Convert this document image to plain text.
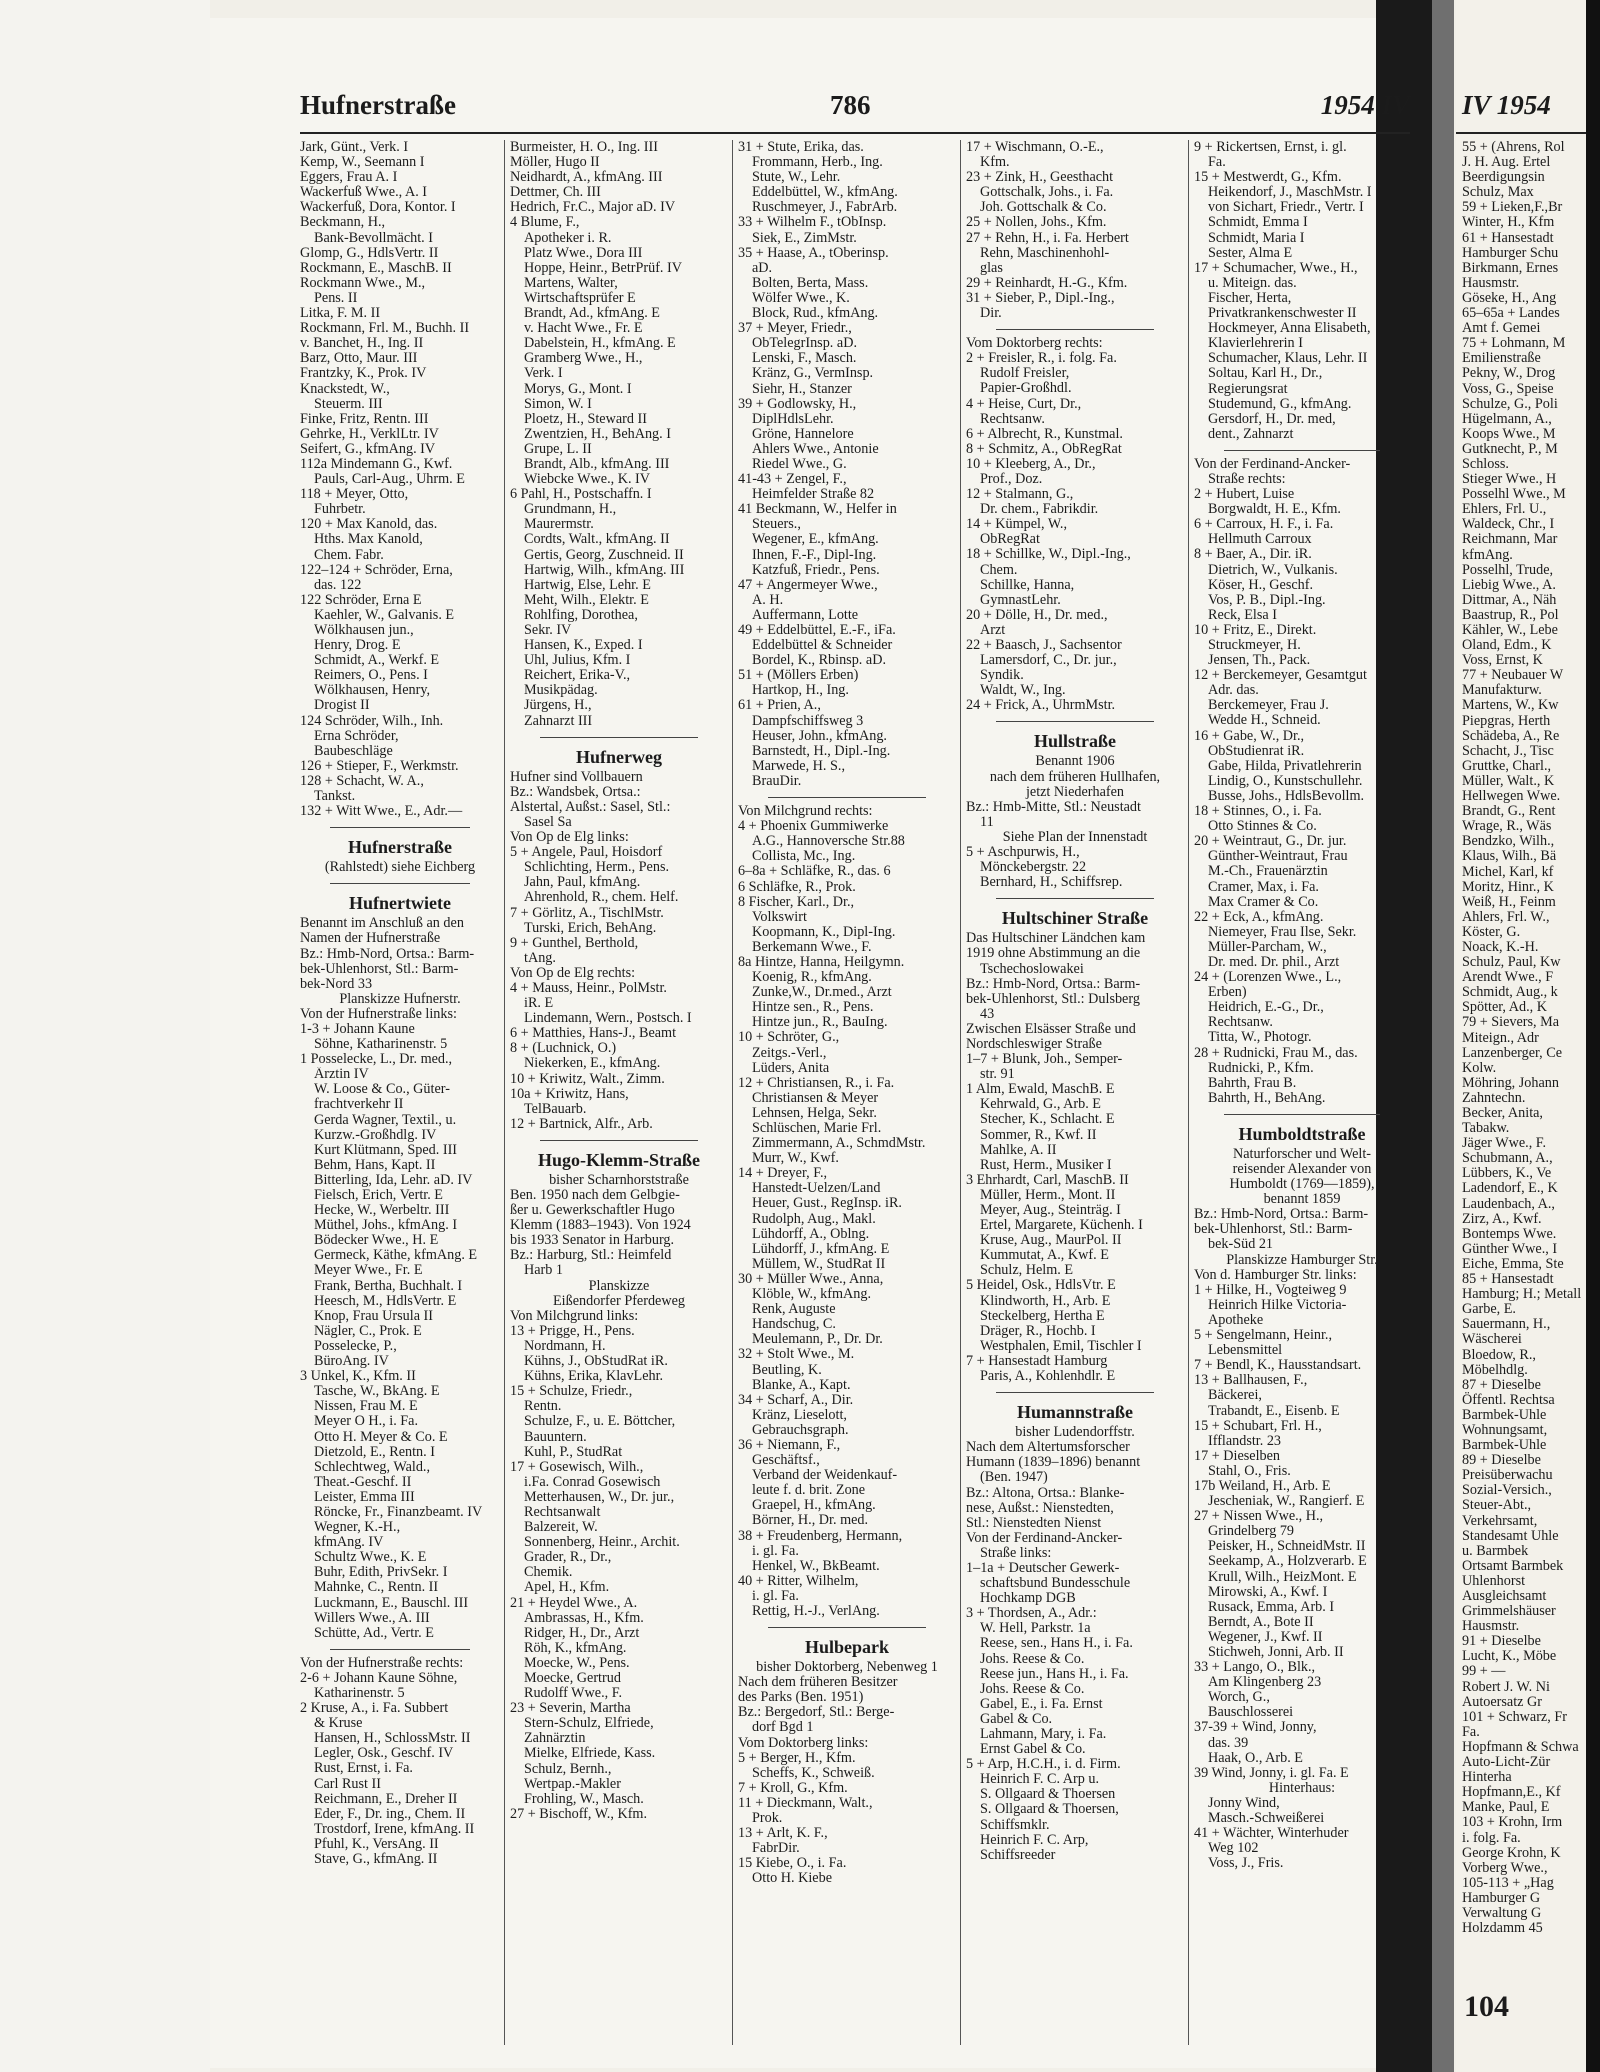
Hufnerstraße	786	1954 IV

Jark, Günt., Verk. I

Kemp, W., Seemann I

Eggers, Frau A. I

Wackerfuß Wwe., A. I

Wackerfuß, Dora, Kontor. I

Beckmann, H.,

Bank-Bevollmächt. I

Glomp, G., HdlsVertr. II

Rockmann, E., MaschB. II

Rockmann Wwe., M.,

Pens. II

Litka, F. M. II

Rockmann, Frl. M., Buchh. II

v. Banchet, H., Ing. II

Barz, Otto, Maur. III

Frantzky, K., Prok. IV

Knackstedt, W.,

Steuerm. III

Finke, Fritz, Rentn. III

Gehrke, H., VerklLtr. IV

Seifert, G., kfmAng. IV

112a Mindemann G., Kwf.

Pauls, Carl-Aug., Uhrm. E

118 + Meyer, Otto,

Fuhrbetr.

120 + Max Kanold, das.

Hths. Max Kanold,

Chem. Fabr.

122–124 + Schröder, Erna,

das. 122

122 Schröder, Erna E

Kaehler, W., Galvanis. E

Wölkhausen jun.,

Henry, Drog. E

Schmidt, A., Werkf. E

Reimers, O., Pens. I

Wölkhausen, Henry,

Drogist II

124 Schröder, Wilh., Inh.

Erna Schröder,

Baubeschläge

126 + Stieper, F., Werkmstr.

128 + Schacht, W. A.,

Tankst.

132 + Witt Wwe., E., Adr.—

Hufnerstraße

(Rahlstedt) siehe Eichberg

Hufnertwiete

Benannt im Anschluß an den

Namen der Hufnerstraße

Bz.: Hmb-Nord, Ortsa.: Barm-

bek-Uhlenhorst, Stl.: Barm-

bek-Nord 33

Planskizze Hufnerstr.

Von der Hufnerstraße links:

1-3 + Johann Kaune

Söhne, Katharinenstr. 5

1 Posselecke, L., Dr. med.,

Ärztin IV

W. Loose & Co., Güter-

frachtverkehr II

Gerda Wagner, Textil., u.

Kurzw.-Großhdlg. IV

Kurt Klütmann, Sped. III

Behm, Hans, Kapt. II

Bitterling, Ida, Lehr. aD. IV

Fielsch, Erich, Vertr. E

Hecke, W., Werbeltr. III

Müthel, Johs., kfmAng. I

Bödecker Wwe., H. E

Germeck, Käthe, kfmAng. E

Meyer Wwe., Fr. E

Frank, Bertha, Buchhalt. I

Heesch, M., HdlsVertr. E

Knop, Frau Ursula II

Nägler, C., Prok. E

Posselecke, P.,

BüroAng. IV

3 Unkel, K., Kfm. II

Tasche, W., BkAng. E

Nissen, Frau M. E

Meyer O H., i. Fa.

Otto H. Meyer & Co. E

Dietzold, E., Rentn. I

Schlechtweg, Wald.,

Theat.-Geschf. II

Leister, Emma III

Röncke, Fr., Finanzbeamt. IV

Wegner, K.-H.,

kfmAng. IV

Schultz Wwe., K. E

Buhr, Edith, PrivSekr. I

Mahnke, C., Rentn. II

Luckmann, E., Bauschl. III

Willers Wwe., A. III

Schütte, Ad., Vertr. E

Von der Hufnerstraße rechts:

2-6 + Johann Kaune Söhne,

Katharinenstr. 5

2 Kruse, A., i. Fa. Subbert

& Kruse

Hansen, H., SchlossMstr. II

Legler, Osk., Geschf. IV

Rust, Ernst, i. Fa.

Carl Rust II

Reichmann, E., Dreher II

Eder, F., Dr. ing., Chem. II

Trostdorf, Irene, kfmAng. II

Pfuhl, K., VersAng. II

Stave, G., kfmAng. II

Burmeister, H. O., Ing. III

Möller, Hugo II

Neidhardt, A., kfmAng. III

Dettmer, Ch. III

Hedrich, Fr.C., Major aD. IV

4 Blume, F.,

Apotheker i. R.

Platz Wwe., Dora III

Hoppe, Heinr., BetrPrüf. IV

Martens, Walter,

Wirtschaftsprüfer E

Brandt, Ad., kfmAng. E

v. Hacht Wwe., Fr. E

Dabelstein, H., kfmAng. E

Gramberg Wwe., H.,

Verk. I

Morys, G., Mont. I

Simon, W. I

Ploetz, H., Steward II

Zwentzien, H., BehAng. I

Grupe, L. II

Brandt, Alb., kfmAng. III

Wiebcke Wwe., K. IV

6 Pahl, H., Postschaffn. I

Grundmann, H.,

Maurermstr.

Cordts, Walt., kfmAng. II

Gertis, Georg, Zuschneid. II

Hartwig, Wilh., kfmAng. III

Hartwig, Else, Lehr. E

Meht, Wilh., Elektr. E

Rohlfing, Dorothea,

Sekr. IV

Hansen, K., Exped. I

Uhl, Julius, Kfm. I

Reichert, Erika-V.,

Musikpädag.

Jürgens, H.,

Zahnarzt III

Hufnerweg

Hufner sind Vollbauern

Bz.: Wandsbek, Ortsa.:

Alstertal, Außst.: Sasel, Stl.:

Sasel Sa

Von Op de Elg links:

5 + Angele, Paul, Hoisdorf

Schlichting, Herm., Pens.

Jahn, Paul, kfmAng.

Ahrenhold, R., chem. Helf.

7 + Görlitz, A., TischlMstr.

Turski, Erich, BehAng.

9 + Gunthel, Berthold,

tAng.

Von Op de Elg rechts:

4 + Mauss, Heinr., PolMstr.

iR. E

Lindemann, Wern., Postsch. I

6 + Matthies, Hans-J., Beamt

8 + (Luchnick, O.)

Niekerken, E., kfmAng.

10 + Kriwitz, Walt., Zimm.

10a + Kriwitz, Hans,

TelBauarb.

12 + Bartnick, Alfr., Arb.

Hugo-Klemm-Straße

bisher Scharnhorststraße

Ben. 1950 nach dem Gelbgie-

ßer u. Gewerkschaftler Hugo

Klemm (1883–1943). Von 1924

bis 1933 Senator in Harburg.

Bz.: Harburg, Stl.: Heimfeld

Harb 1

Planskizze

Eißendorfer Pferdeweg

Von Milchgrund links:

13 + Prigge, H., Pens.

Nordmann, H.

Kühns, J., ObStudRat iR.

Kühns, Erika, KlavLehr.

15 + Schulze, Friedr.,

Rentn.

Schulze, F., u. E. Böttcher,

Bauuntern.

Kuhl, P., StudRat

17 + Gosewisch, Wilh.,

i.Fa. Conrad Gosewisch

Metterhausen, W., Dr. jur.,

Rechtsanwalt

Balzereit, W.

Sonnenberg, Heinr., Archit.

Grader, R., Dr.,

Chemik.

Apel, H., Kfm.

21 + Heydel Wwe., A.

Ambrassas, H., Kfm.

Ridger, H., Dr., Arzt

Röh, K., kfmAng.

Moecke, W., Pens.

Moecke, Gertrud

Rudolff Wwe., F.

23 + Severin, Martha

Stern-Schulz, Elfriede,

Zahnärztin

Mielke, Elfriede, Kass.

Schulz, Bernh.,

Wertpap.-Makler

Frohling, W., Masch.

27 + Bischoff, W., Kfm.

31 + Stute, Erika, das.

Frommann, Herb., Ing.

Stute, W., Lehr.

Eddelbüttel, W., kfmAng.

Ruschmeyer, J., FabrArb.

33 + Wilhelm F., tObInsp.

Siek, E., ZimMstr.

35 + Haase, A., tOberinsp.

aD.

Bolten, Berta, Mass.

Wölfer Wwe., K.

Block, Rud., kfmAng.

37 + Meyer, Friedr.,

ObTelegrInsp. aD.

Lenski, F., Masch.

Kränz, G., VermInsp.

Siehr, H., Stanzer

39 + Godlowsky, H.,

DiplHdlsLehr.

Gröne, Hannelore

Ahlers Wwe., Antonie

Riedel Wwe., G.

41-43 + Zengel, F.,

Heimfelder Straße 82

41 Beckmann, W., Helfer in

Steuers.,

Wegener, E., kfmAng.

Ihnen, F.-F., Dipl-Ing.

Katzfuß, Friedr., Pens.

47 + Angermeyer Wwe.,

A. H.

Auffermann, Lotte

49 + Eddelbüttel, E.-F., iFa.

Eddelbüttel & Schneider

Bordel, K., Rbinsp. aD.

51 + (Möllers Erben)

Hartkop, H., Ing.

61 + Prien, A.,

Dampfschiffsweg 3

Heuser, John., kfmAng.

Barnstedt, H., Dipl.-Ing.

Marwede, H. S.,

BrauDir.

Von Milchgrund rechts:

4 + Phoenix Gummiwerke

A.G., Hannoversche Str.88

Collista, Mc., Ing.

6–8a + Schläfke, R., das. 6

6 Schläfke, R., Prok.

8 Fischer, Karl., Dr.,

Volkswirt

Koopmann, K., Dipl-Ing.

Berkemann Wwe., F.

8a Hintze, Hanna, Heilgymn.

Koenig, R., kfmAng.

Zunke,W., Dr.med., Arzt

Hintze sen., R., Pens.

Hintze jun., R., BauIng.

10 + Schröter, G.,

Zeitgs.-Verl.,

Lüders, Anita

12 + Christiansen, R., i. Fa.

Christiansen & Meyer

Lehnsen, Helga, Sekr.

Schlüschen, Marie Frl.

Zimmermann, A., SchmdMstr.

Murr, W., Kwf.

14 + Dreyer, F.,

Hanstedt-Uelzen/Land

Heuer, Gust., RegInsp. iR.

Rudolph, Aug., Makl.

Lühdorff, A., Oblng.

Lühdorff, J., kfmAng. E

Müllem, W., StudRat II

30 + Müller Wwe., Anna,

Klöble, W., kfmAng.

Renk, Auguste

Handschug, C.

Meulemann, P., Dr. Dr.

32 + Stolt Wwe., M.

Beutling, K.

Blanke, A., Kapt.

34 + Scharf, A., Dir.

Kränz, Lieselott,

Gebrauchsgraph.

36 + Niemann, F.,

Geschäftsf.,

Verband der Weidenkauf-

leute f. d. brit. Zone

Graepel, H., kfmAng.

Börner, H., Dr. med.

38 + Freudenberg, Hermann,

i. gl. Fa.

Henkel, W., BkBeamt.

40 + Ritter, Wilhelm,

i. gl. Fa.

Rettig, H.-J., VerlAng.

Hulbepark

bisher Doktorberg, Nebenweg 1

Nach dem früheren Besitzer

des Parks (Ben. 1951)

Bz.: Bergedorf, Stl.: Berge-

dorf Bgd 1

Vom Doktorberg links:

5 + Berger, H., Kfm.

Scheffs, K., Schweiß.

7 + Kroll, G., Kfm.

11 + Dieckmann, Walt.,

Prok.

13 + Arlt, K. F.,

FabrDir.

15 Kiebe, O., i. Fa.

Otto H. Kiebe

17 + Wischmann, O.-E.,

Kfm.

23 + Zink, H., Geesthacht

Gottschalk, Johs., i. Fa.

Joh. Gottschalk & Co.

25 + Nollen, Johs., Kfm.

27 + Rehn, H., i. Fa. Herbert

Rehn, Maschinenhohl-

glas

29 + Reinhardt, H.-G., Kfm.

31 + Sieber, P., Dipl.-Ing.,

Dir.

Vom Doktorberg rechts:

2 + Freisler, R., i. folg. Fa.

Rudolf Freisler,

Papier-Großhdl.

4 + Heise, Curt, Dr.,

Rechtsanw.

6 + Albrecht, R., Kunstmal.

8 + Schmitz, A., ObRegRat

10 + Kleeberg, A., Dr.,

Prof., Doz.

12 + Stalmann, G.,

Dr. chem., Fabrikdir.

14 + Kümpel, W.,

ObRegRat

18 + Schillke, W., Dipl.-Ing.,

Chem.

Schillke, Hanna,

GymnastLehr.

20 + Dölle, H., Dr. med.,

Arzt

22 + Baasch, J., Sachsentor

Lamersdorf, C., Dr. jur.,

Syndik.

Waldt, W., Ing.

24 + Frick, A., UhrmMstr.

Hullstraße

Benannt 1906

nach dem früheren Hullhafen,

jetzt Niederhafen

Bz.: Hmb-Mitte, Stl.: Neustadt

11

Siehe Plan der Innenstadt

5 + Aschpurwis, H.,

Mönckebergstr. 22

Bernhard, H., Schiffsrep.

Hultschiner Straße

Das Hultschiner Ländchen kam

1919 ohne Abstimmung an die

Tschechoslowakei

Bz.: Hmb-Nord, Ortsa.: Barm-

bek-Uhlenhorst, Stl.: Dulsberg

43

Zwischen Elsässer Straße und

Nordschleswiger Straße

1–7 + Blunk, Joh., Semper-

str. 91

1 Alm, Ewald, MaschB. E

Kehrwald, G., Arb. E

Stecher, K., Schlacht. E

Sommer, R., Kwf. II

Mahlke, A. II

Rust, Herm., Musiker I

3 Ehrhardt, Carl, MaschB. II

Müller, Herm., Mont. II

Meyer, Aug., Steinträg. I

Ertel, Margarete, Küchenh. I

Kruse, Aug., MaurPol. II

Kummutat, A., Kwf. E

Schulz, Helm. E

5 Heidel, Osk., HdlsVtr. E

Klindworth, H., Arb. E

Steckelberg, Hertha E

Dräger, R., Hochb. I

Westphalen, Emil, Tischler I

7 + Hansestadt Hamburg

Paris, A., Kohlenhdlr. E

Humannstraße

bisher Ludendorffstr.

Nach dem Altertumsforscher

Humann (1839–1896) benannt

(Ben. 1947)

Bz.: Altona, Ortsa.: Blanke-

nese, Außst.: Nienstedten,

Stl.: Nienstedten Nienst

Von der Ferdinand-Ancker-

Straße links:

1–1a + Deutscher Gewerk-

schaftsbund Bundesschule

Hochkamp DGB

3 + Thordsen, A., Adr.:

W. Hell, Parkstr. 1a

Reese, sen., Hans H., i. Fa.

Johs. Reese & Co.

Reese jun., Hans H., i. Fa.

Johs. Reese & Co.

Gabel, E., i. Fa. Ernst

Gabel & Co.

Lahmann, Mary, i. Fa.

Ernst Gabel & Co.

5 + Arp, H.C.H., i. d. Firm.

Heinrich F. C. Arp u.

S. Ollgaard & Thoersen

S. Ollgaard & Thoersen,

Schiffsmklr.

Heinrich F. C. Arp,

Schiffsreeder

9 + Rickertsen, Ernst, i. gl.

Fa.

15 + Mestwerdt, G., Kfm.

Heikendorf, J., MaschMstr. I

von Sichart, Friedr., Vertr. I

Schmidt, Emma I

Schmidt, Maria I

Sester, Alma E

17 + Schumacher, Wwe., H.,

u. Miteign. das.

Fischer, Herta,

Privatkrankenschwester II

Hockmeyer, Anna Elisabeth,

Klavierlehrerin I

Schumacher, Klaus, Lehr. II

Soltau, Karl H., Dr.,

Regierungsrat

Studemund, G., kfmAng.

Gersdorf, H., Dr. med,

dent., Zahnarzt

Von der Ferdinand-Ancker-

Straße rechts:

2 + Hubert, Luise

Borgwaldt, H. E., Kfm.

6 + Carroux, H. F., i. Fa.

Hellmuth Carroux

8 + Baer, A., Dir. iR.

Dietrich, W., Vulkanis.

Köser, H., Geschf.

Vos, P. B., Dipl.-Ing.

Reck, Elsa I

10 + Fritz, E., Direkt.

Struckmeyer, H.

Jensen, Th., Pack.

12 + Berckemeyer, Gesamtgut

Adr. das.

Berckemeyer, Frau J.

Wedde H., Schneid.

16 + Gabe, W., Dr.,

ObStudienrat iR.

Gabe, Hilda, Privatlehrerin

Lindig, O., Kunstschullehr.

Busse, Johs., HdlsBevollm.

18 + Stinnes, O., i. Fa.

Otto Stinnes & Co.

20 + Weintraut, G., Dr. jur.

Günther-Weintraut, Frau

M.-Ch., Frauenärztin

Cramer, Max, i. Fa.

Max Cramer & Co.

22 + Eck, A., kfmAng.

Niemeyer, Frau Ilse, Sekr.

Müller-Parcham, W.,

Dr. med. Dr. phil., Arzt

24 + (Lorenzen Wwe., L.,

Erben)

Heidrich, E.-G., Dr.,

Rechtsanw.

Titta, W., Photogr.

28 + Rudnicki, Frau M., das.

Rudnicki, P., Kfm.

Bahrth, Frau B.

Bahrth, H., BehAng.

Humboldtstraße

Naturforscher und Welt-

reisender Alexander von

Humboldt (1769—1859),

benannt 1859

Bz.: Hmb-Nord, Ortsa.: Barm-

bek-Uhlenhorst, Stl.: Barm-

bek-Süd 21

Planskizze Hamburger Str.

Von d. Hamburger Str. links:

1 + Hilke, H., Vogteiweg 9

Heinrich Hilke Victoria-

Apotheke

5 + Sengelmann, Heinr.,

Lebensmittel

7 + Bendl, K., Hausstandsart.

13 + Ballhausen, F.,

Bäckerei,

Trabandt, E., Eisenb. E

15 + Schubart, Frl. H.,

Ifflandstr. 23

17 + Dieselben

Stahl, O., Fris.

17b Weiland, H., Arb. E

Jescheniak, W., Rangierf. E

27 + Nissen Wwe., H.,

Grindelberg 79

Peisker, H., SchneidMstr. II

Seekamp, A., Holzverarb. E

Krull, Wilh., HeizMont. E

Mirowski, A., Kwf. I

Rusack, Emma, Arb. I

Berndt, A., Bote II

Wegener, J., Kwf. II

Stichweh, Jonni, Arb. II

33 + Lango, O., Blk.,

Am Klingenberg 23

Worch, G.,

Bauschlosserei

37-39 + Wind, Jonny,

das. 39

Haak, O., Arb. E

39 Wind, Jonny, i. gl. Fa. E

Hinterhaus:

Jonny Wind,

Masch.-Schweißerei

41 + Wächter, Winterhuder

Weg 102

Voss, J., Fris.

IV 1954

55 + (Ahrens, Rol

J. H. Aug. Ertel

Beerdigungsin

Schulz, Max

59 + Lieken,F.,Br

Winter, H., Kfm

61 + Hansestadt

Hamburger Schu

Birkmann, Ernes

Hausmstr.

Göseke, H., Ang

65–65a + Landes

Amt f. Gemei

75 + Lohmann, M

Emilienstraße

Pekny, W., Drog

Voss, G., Speise

Schulze, G., Poli

Hügelmann, A.,

Koops Wwe., M

Gutknecht, P., M

Schloss.

Stieger Wwe., H

Posselhl Wwe., M

Ehlers, Frl. U.,

Waldeck, Chr., I

Reichmann, Mar

kfmAng.

Posselhl, Trude,

Liebig Wwe., A.

Dittmar, A., Näh

Baastrup, R., Pol

Kähler, W., Lebe

Oland, Edm., K

Voss, Ernst, K

77 + Neubauer W

Manufakturw.

Martens, W., Kw

Piepgras, Herth

Schädeba, A., Re

Schacht, J., Tisc

Gruttke, Charl.,

Müller, Walt., K

Hellwegen Wwe.

Brandt, G., Rent

Wrage, R., Wäs

Bendzko, Wilh.,

Klaus, Wilh., Bä

Michel, Karl, kf

Moritz, Hinr., K

Weiß, H., Feinm

Ahlers, Frl. W.,

Köster, G.

Noack, K.-H.

Schulz, Paul, Kw

Arendt Wwe., F

Schmidt, Aug., k

Spötter, Ad., K

79 + Sievers, Ma

Miteign., Adr

Lanzenberger, Ce

Kolw.

Möhring, Johann

Zahntechn.

Becker, Anita,

Tabakw.

Jäger Wwe., F.

Schubmann, A.,

Lübbers, K., Ve

Ladendorf, E., K

Laudenbach, A.,

Zirz, A., Kwf.

Bontemps Wwe.

Günther Wwe., I

Eiche, Emma, Ste

85 + Hansestadt

Hamburg; H.; Metall

Garbe, E.

Sauermann, H.,

Wäscherei

Bloedow, R.,

Möbelhdlg.

87 + Dieselbe

Öffentl. Rechtsa

Barmbek-Uhle

Wohnungsamt,

Barmbek-Uhle

89 + Dieselbe

Preisüberwachu

Sozial-Versich.,

Steuer-Abt.,

Verkehrsamt,

Standesamt Uhle

u. Barmbek

Ortsamt Barmbek

Uhlenhorst

Ausgleichsamt

Grimmelshäuser

Hausmstr.

91 + Dieselbe

Lucht, K., Möbe

99 + —

Robert J. W. Ni

Autoersatz Gr

101 + Schwarz, Fr

Fa.

Hopfmann & Schwa

Auto-Licht-Zür

Hinterha

Hopfmann,E., Kf

Manke, Paul, E

103 + Krohn, Irm

i. folg. Fa.

George Krohn, K

Vorberg Wwe.,

105-113 + „Hag

Hamburger G

Verwaltung G

Holzdamm 45

104
